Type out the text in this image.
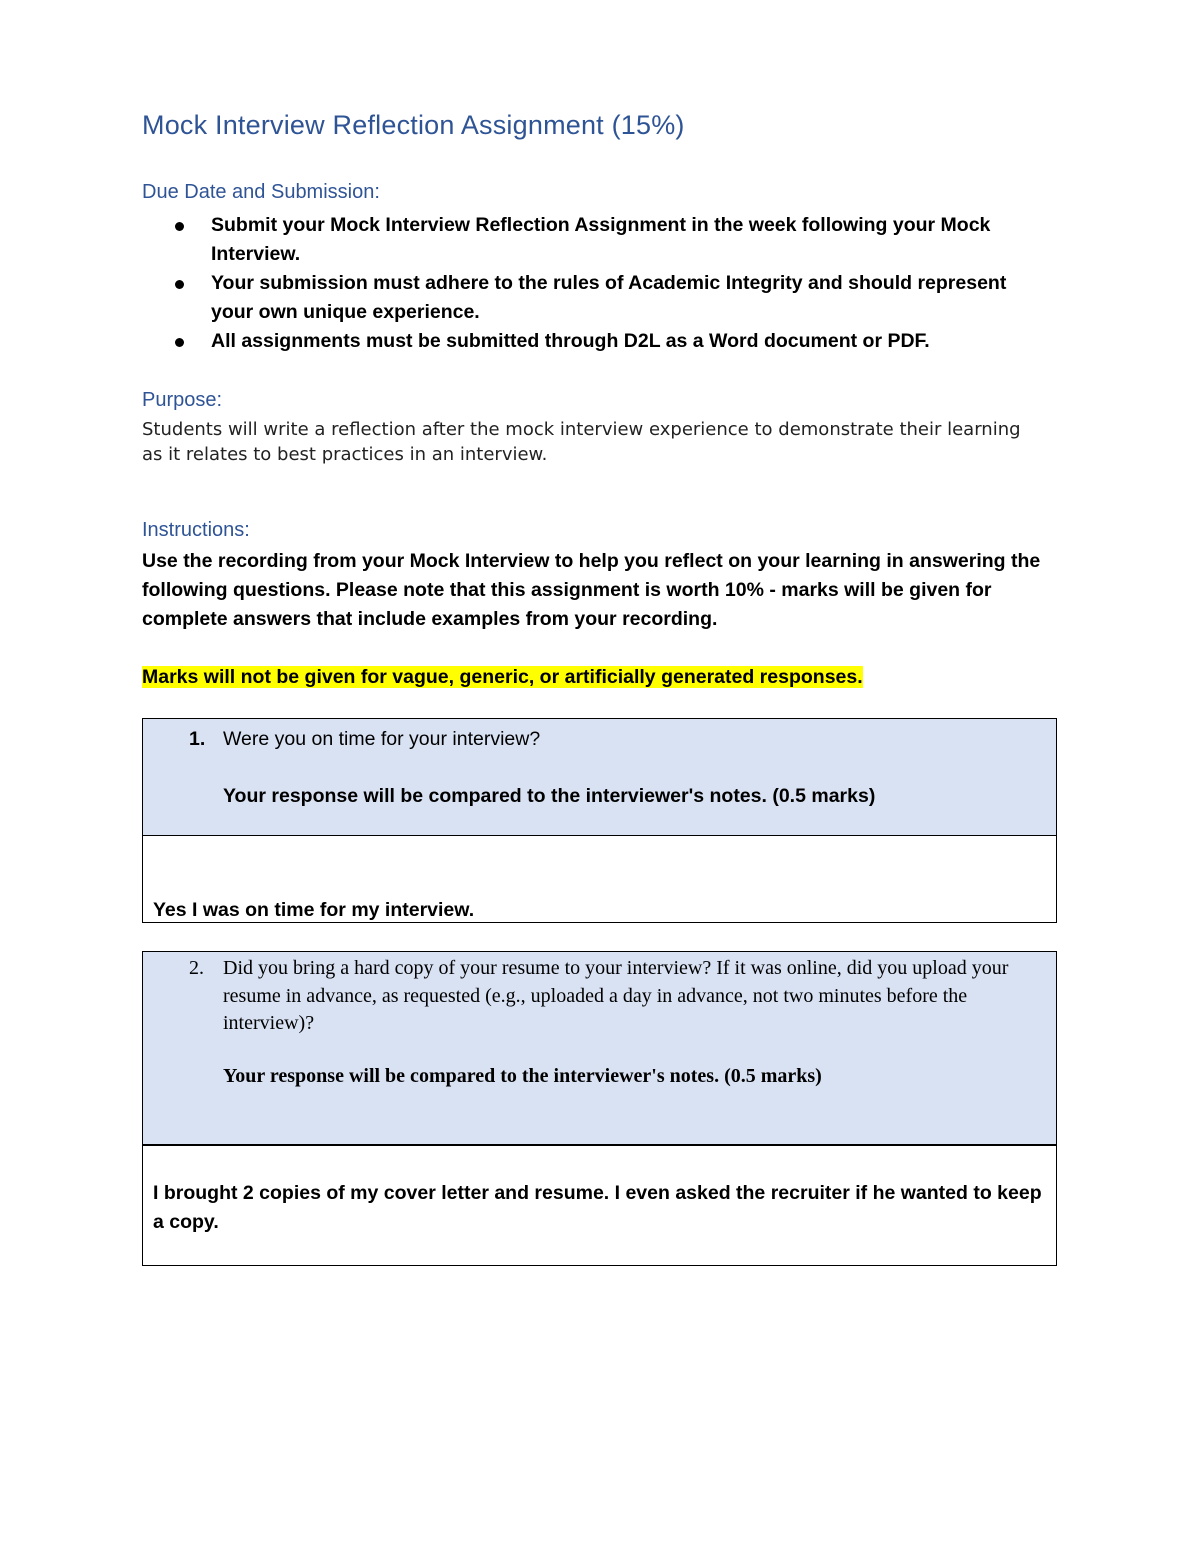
Mock Interview Reflection Assignment (15%)
Due Date and Submission:
Submit your Mock Interview Reflection Assignment in the week following your Mock Interview.
Your submission must adhere to the rules of Academic Integrity and should represent your own unique experience.
All assignments must be submitted through D2L as a Word document or PDF.
Purpose:

Students will write a reflection after the mock interview experience to demonstrate their learning as it relates to best practices in an interview.

Instructions:

Use the recording from your Mock Interview to help you reflect on your learning in answering the following questions. Please note that this assignment is worth 10% - marks will be given for complete answers that include examples from your recording.

Marks will not be given for vague, generic, or artificially generated responses.

1. Were you on time for your interview?
Your response will be compared to the interviewer's notes. (0.5 marks)
Yes I was on time for my interview.
2. Did you bring a hard copy of your resume to your interview? If it was online, did you upload your resume in advance, as requested (e.g., uploaded a day in advance, not two minutes before the interview)?
Your response will be compared to the interviewer's notes. (0.5 marks)
I brought 2 copies of my cover letter and resume. I even asked the recruiter if he wanted to keep a copy.
